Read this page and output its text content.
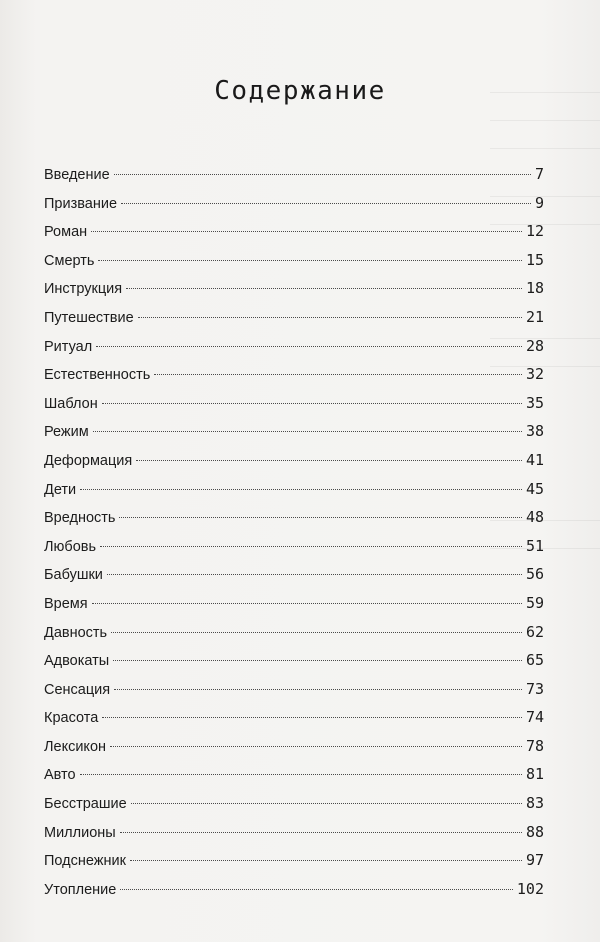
Содержание
Введение	7
Призвание	9
Роман	12
Смерть	15
Инструкция	18
Путешествие	21
Ритуал	28
Естественность	32
Шаблон	35
Режим	38
Деформация	41
Дети	45
Вредность	48
Любовь	51
Бабушки	56
Время	59
Давность	62
Адвокаты	65
Сенсация	73
Красота	74
Лексикон	78
Авто	81
Бесстрашие	83
Миллионы	88
Подснежник	97
Утопление	102
